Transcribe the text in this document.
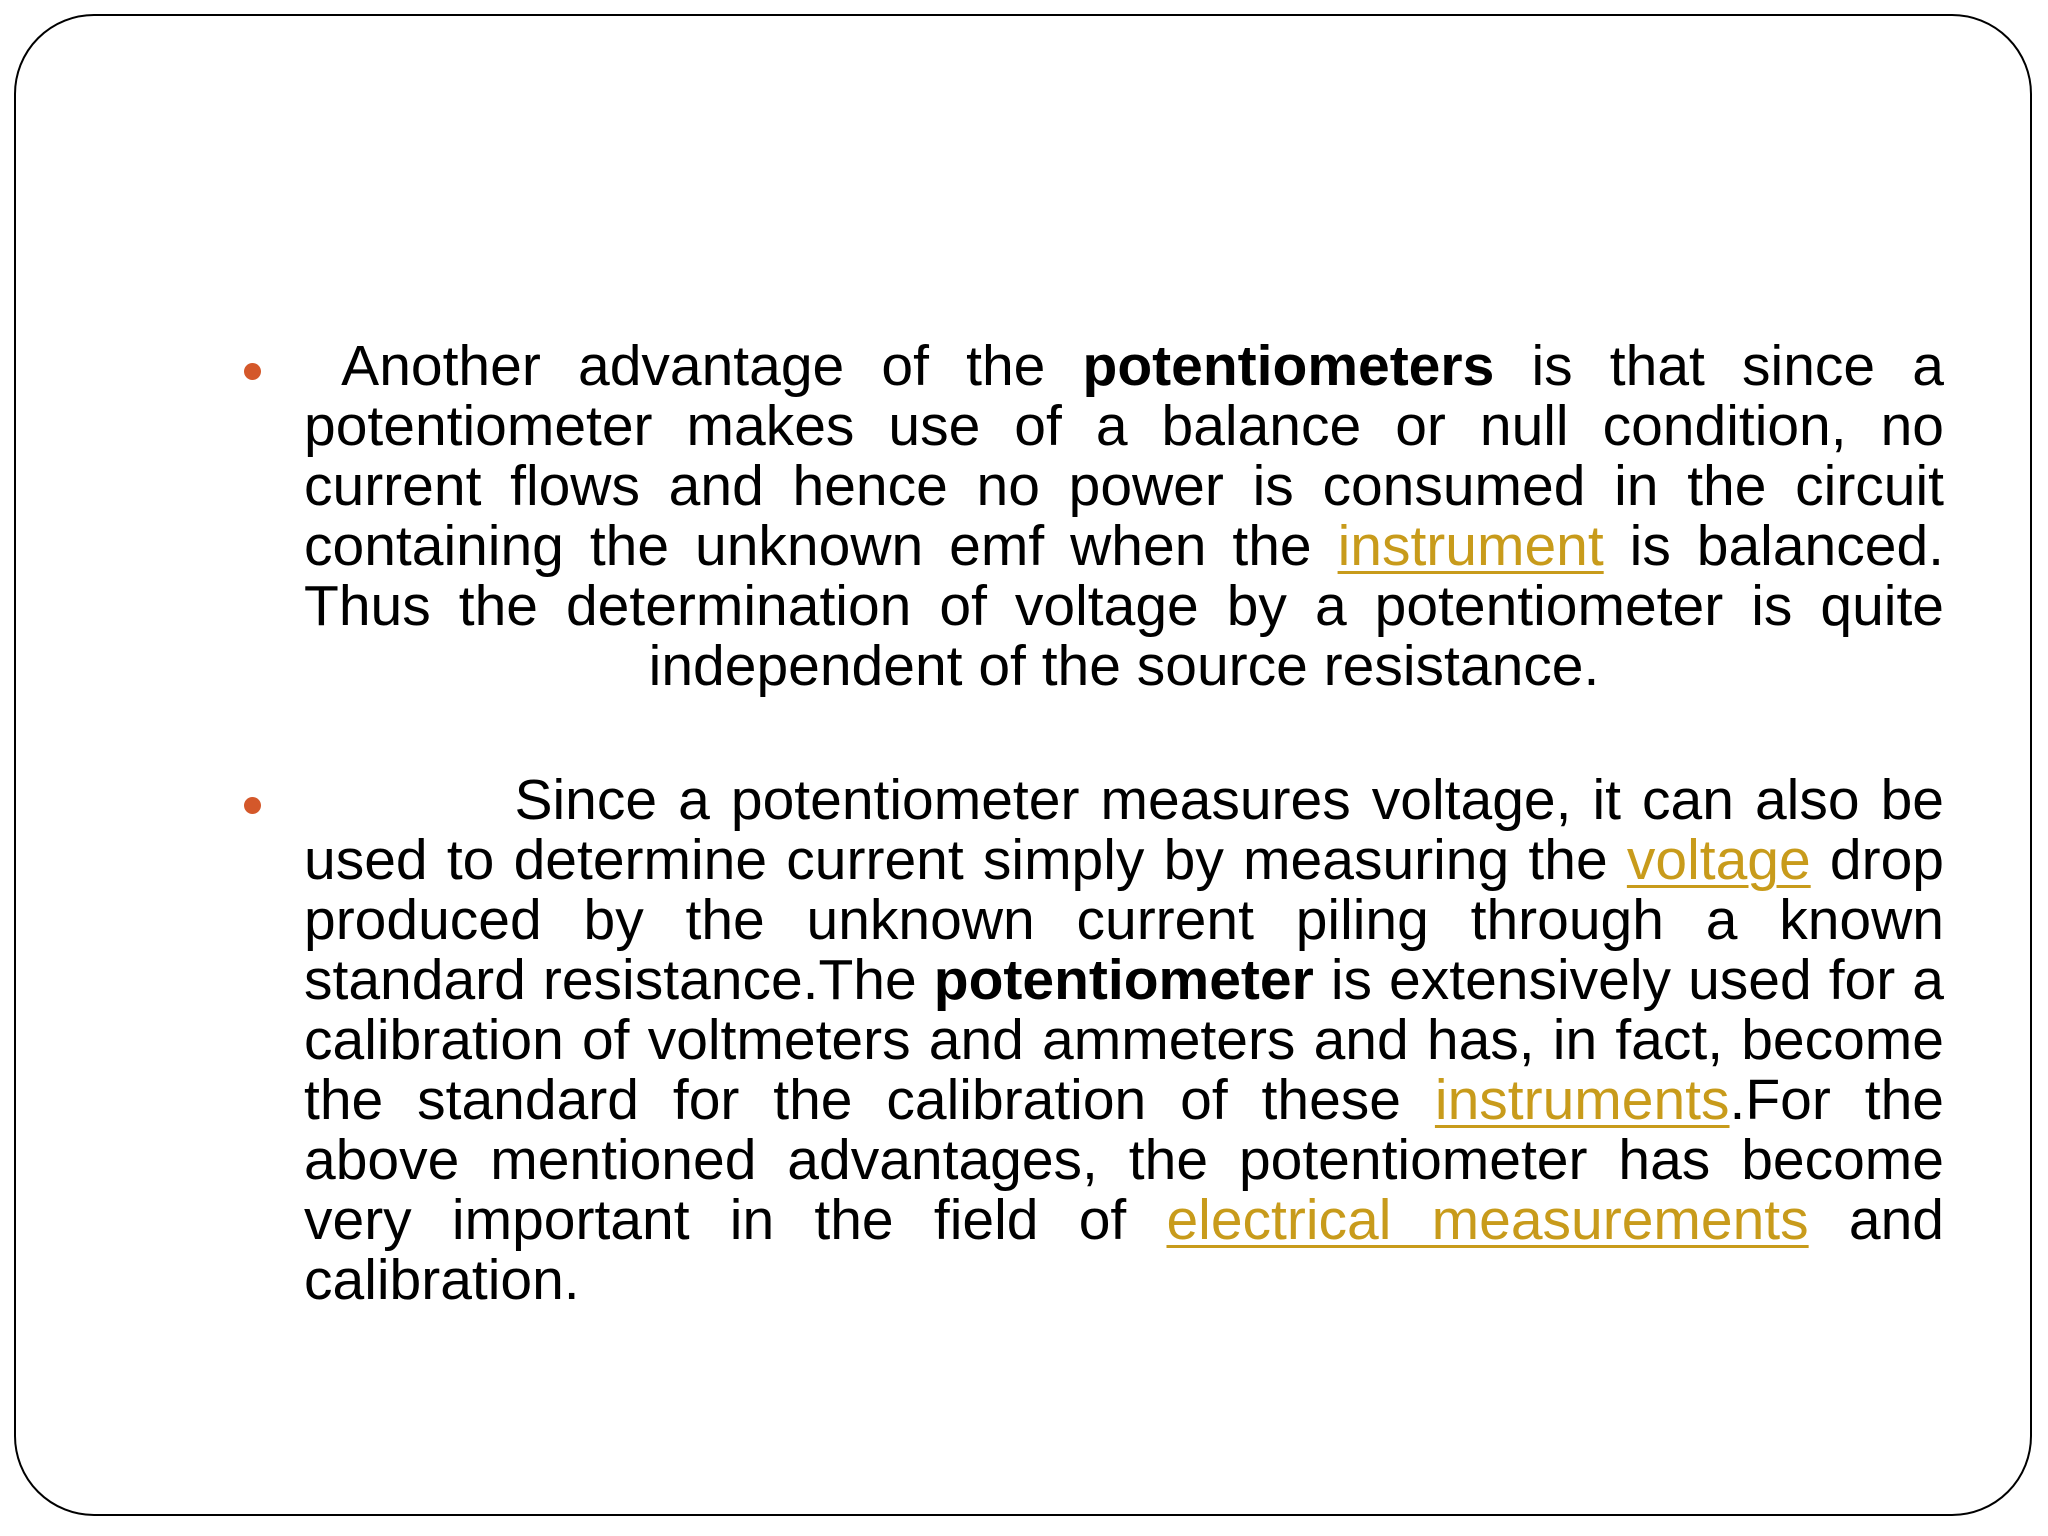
Another advantage of the potentiometers is that since a potentiometer makes use of a balance or null condition, no current flows and hence no power is consumed in the circuit containing the unknown emf when the instrument is balanced. Thus the determination of voltage by a potentiometer is quite independent of the source resistance.

Since a potentiometer measures voltage, it can also be used to determine current simply by measuring the voltage drop produced by the unknown current piling through a known standard resistance.The potentiometer is extensively used for a calibration of voltmeters and ammeters and has, in fact, become the standard for the calibration of these instruments.For the above mentioned advantages, the potentiometer has become very important in the field of electrical measurements and calibration.
